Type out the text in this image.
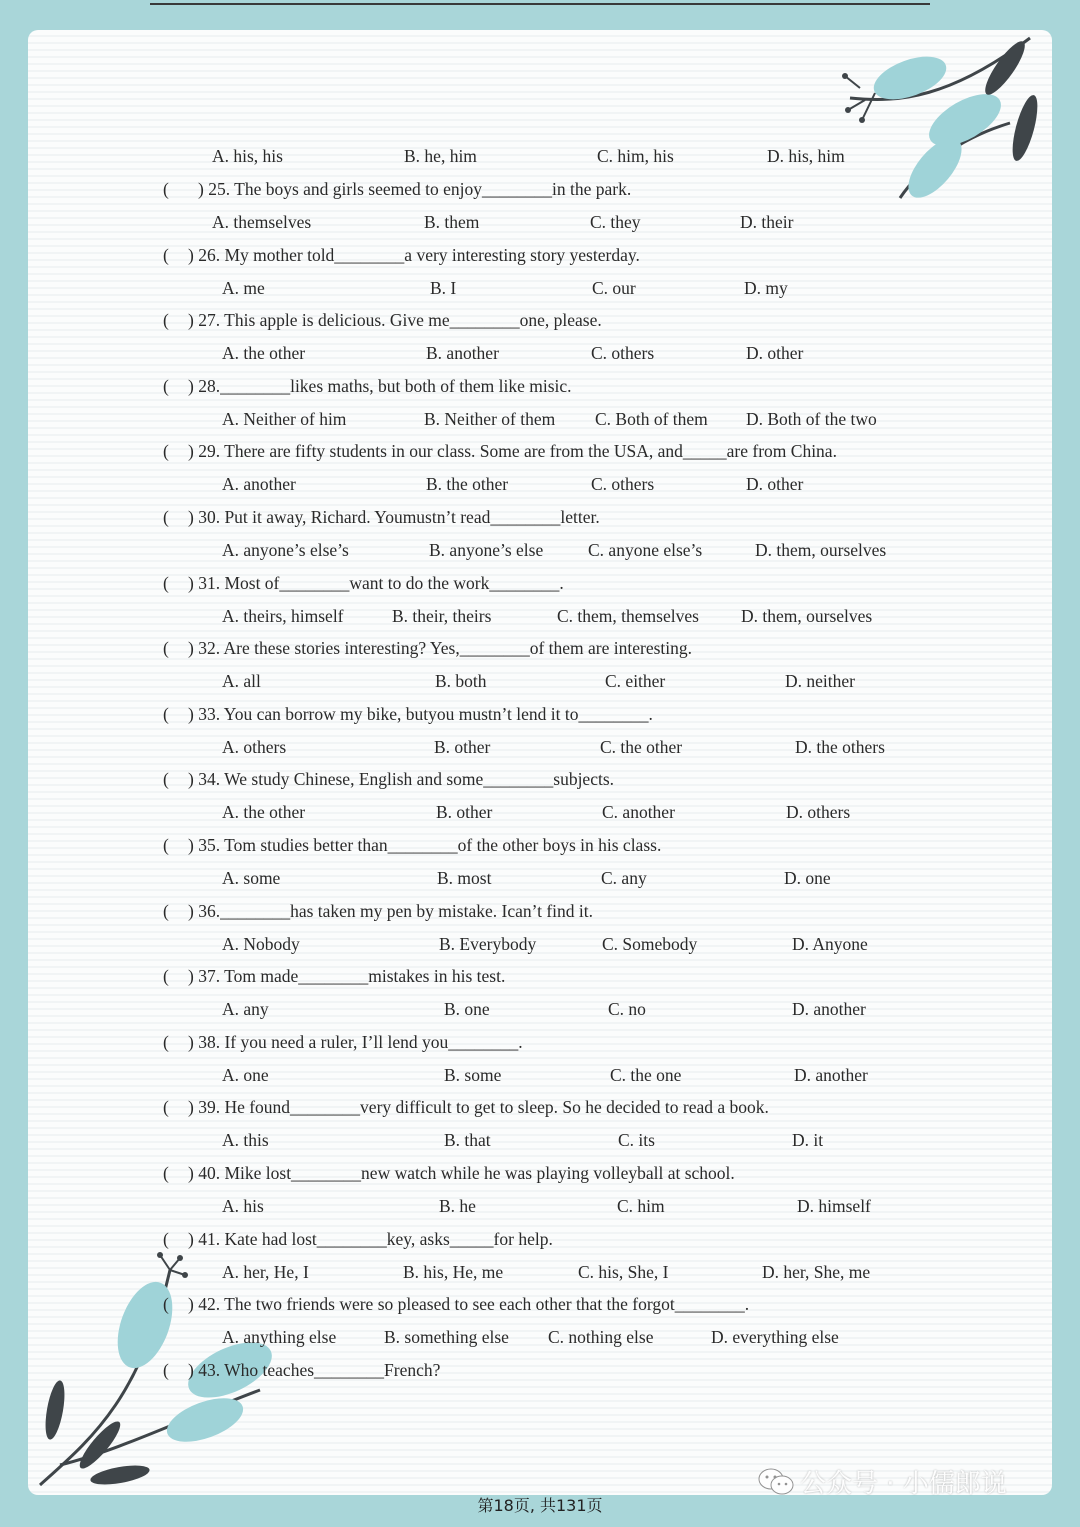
A. his, his	B. he, him	C. him, his	D. his, him
( ) 25. The boys and girls seemed to enjoy________in the park.
A. themselves	B. them	C. they	D. their
( ) 26. My mother told________a very interesting story yesterday.
A. me	B. I	C. our	D. my
( ) 27. This apple is delicious. Give me________one, please.
A. the other	B. another	C. others	D. other
( ) 28.________likes maths, but both of them like misic.
A. Neither of him	B. Neither of them C. Both of them D. Both of the two
( ) 29. There are fifty students in our class. Some are from the USA, and_____are from China.
A. another	B. the other	C. others	D. other
( ) 30. Put it away, Richard. Youmustn’t read________letter.
A. anyone’s else’s	B. anyone’s else	C. anyone else’s	D. them, ourselves
( ) 31. Most of________want to do the work________.
A. theirs, himself	B. their, theirs	C. them, themselves D. them, ourselves
( ) 32. Are these stories interesting? Yes,________of them are interesting.
A. all	B. both	C. either	D. neither
( ) 33. You can borrow my bike, butyou mustn’t lend it to________.
A. others	B. other	C. the other	D. the others
( ) 34. We study Chinese, English and some________subjects.
A. the other	B. other	C. another	D. others
( ) 35. Tom studies better than________of the other boys in his class.
A. some	B. most	C. any	D. one
( ) 36.________has taken my pen by mistake. Ican’t find it.
A. Nobody	B. Everybody	C. Somebody	D. Anyone
( ) 37. Tom made________mistakes in his test.
A. any	B. one	C. no	D. another
( ) 38. If you need a ruler, I’ll lend you________.
A. one	B. some	C. the one	D. another
( ) 39. He found________very difficult to get to sleep. So he decided to read a book.
A. this	B. that	C. its	D. it
( ) 40. Mike lost________new watch while he was playing volleyball at school.
A. his	B. he	C. him	D. himself
( ) 41. Kate had lost________key, asks_____for help.
A. her, He, I	B. his, He, me	C. his, She, I	D. her, She, me
( ) 42. The two friends were so pleased to see each other that the forgot________.
A. anything else	B. something else C. nothing else	D. everything else
( ) 43. Who teaches________French?
第18页, 共131页
公众号 · 小儒郎说
